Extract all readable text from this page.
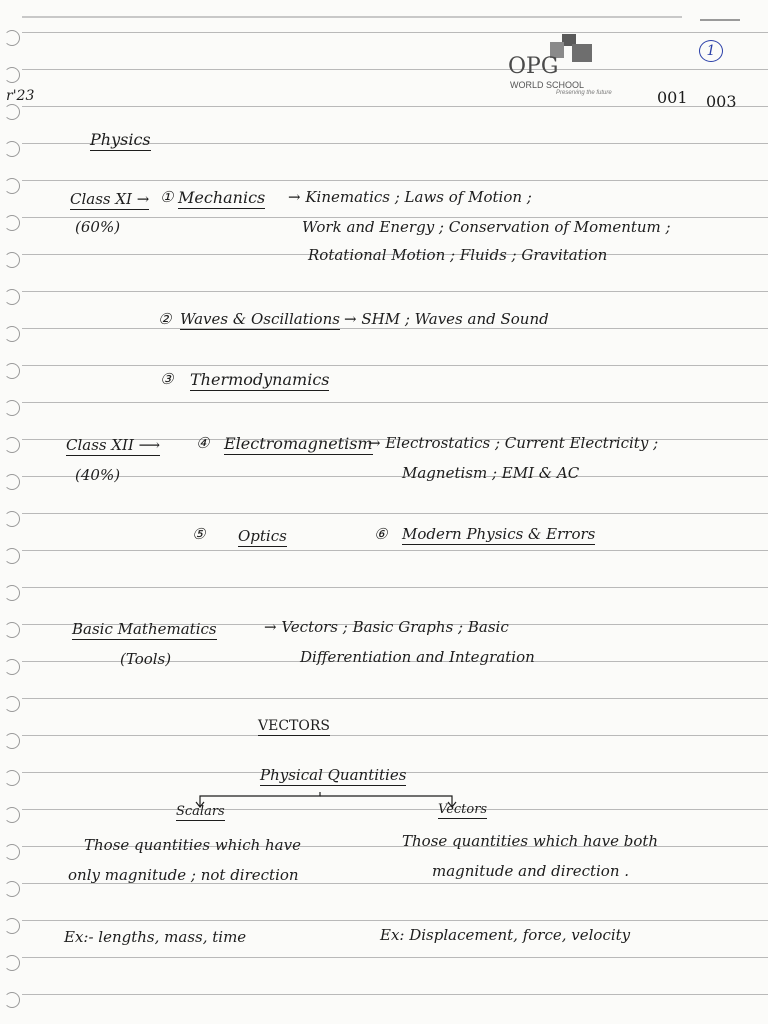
r'23
OPG
WORLD SCHOOL
Preserving the future
1
001 003
Physics
Class XI →
(60%)
① Mechanics → Kinematics ; Laws of Motion ;
Work and Energy ; Conservation of Momentum ;
Rotational Motion ; Fluids ; Gravitation
② Waves & Oscillations → SHM ; Waves and Sound
③ Thermodynamics
Class XII ⟶
(40%)
④ Electromagnetism
→ Electrostatics ; Current Electricity ;
Magnetism ; EMI & AC
⑤ Optics	⑥ Modern Physics & Errors
Basic Mathematics
(Tools)
→ Vectors ; Basic Graphs ; Basic
Differentiation and Integration
VECTORS
Physical Quantities
Scalars	Vectors
Those quantities which have
only magnitude ; not direction
Those quantities which have both
magnitude and direction .
Ex:- lengths, mass, time	Ex: Displacement, force, velocity
